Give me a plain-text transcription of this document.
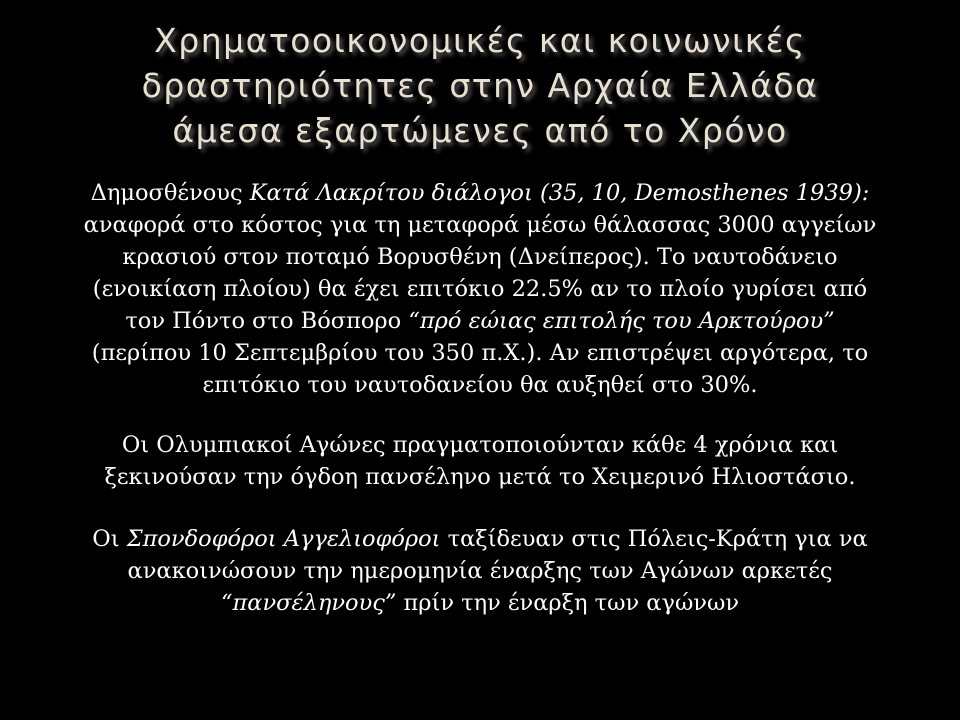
Χρηματοοικονομικές και κοινωνικές
δραστηριότητες στην Αρχαία Ελλάδα
άμεσα εξαρτώμενες από το Χρόνο
Δημοσθένους Κατά Λακρίτου διάλογοι (35, 10, Demosthenes 1939):
αναφορά στο κόστος για τη μεταφορά μέσω θάλασσας 3000 αγγείων
κρασιού στον ποταμό Βορυσθένη (Δνείπερος). Το ναυτοδάνειο
(ενοικίαση πλοίου) θα έχει επιτόκιο 22.5% αν το πλοίο γυρίσει από
τον Πόντο στο Βόσπορο “πρό εώιας επιτολής του Αρκτούρου”
(περίπου 10 Σεπτεμβρίου του 350 π.Χ.). Αν επιστρέψει αργότερα, το
επιτόκιο του ναυτοδανείου θα αυξηθεί στο 30%.
Οι Ολυμπιακοί Αγώνες πραγματοποιούνταν κάθε 4 χρόνια και
ξεκινούσαν την όγδοη πανσέληνο μετά το Χειμερινό Ηλιοστάσιο.
Οι Σπονδοφόροι Αγγελιοφόροι ταξίδευαν στις Πόλεις-Κράτη για να
ανακοινώσουν την ημερομηνία έναρξης των Αγώνων αρκετές
“πανσέληνους” πρίν την έναρξη των αγώνων
